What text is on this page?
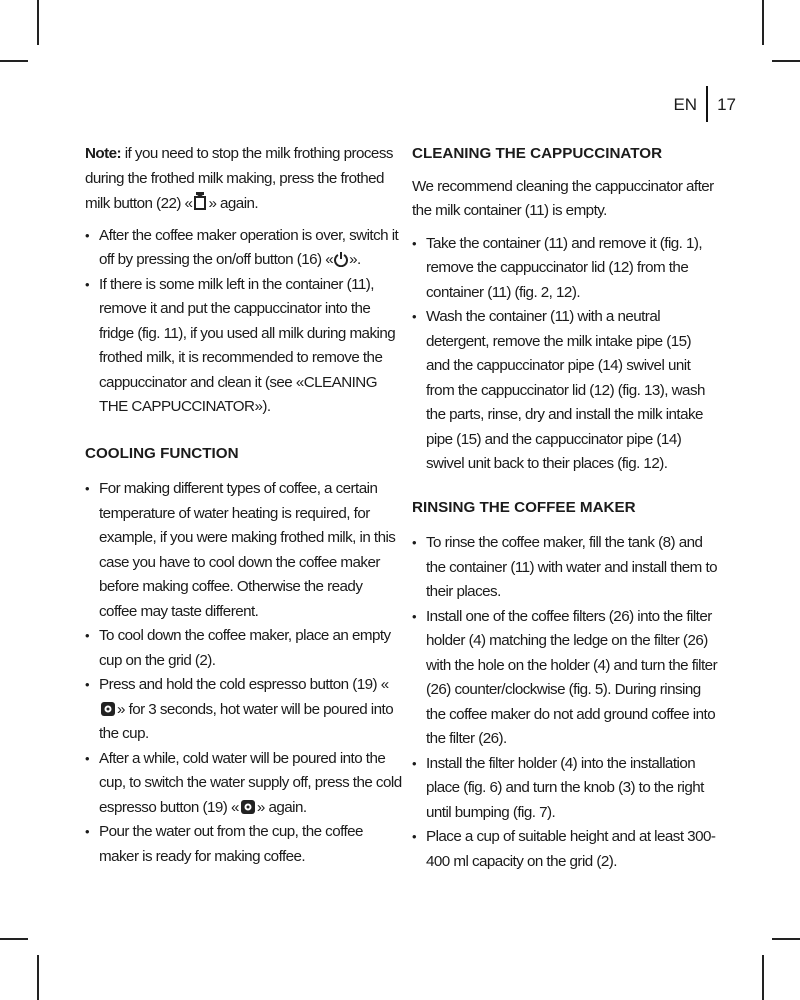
EN	17

Note: if you need to stop the milk frothing process during the frothed milk making, press the frothed milk button (22) « » again.

• After the coffee maker operation is over, switch it off by pressing the on/off button (16) « ».
• If there is some milk left in the container (11), remove it and put the cappuccinator into the fridge (fig. 11), if you used all milk during making frothed milk, it is recommended to remove the cappuccinator and clean it (see «CLEANING THE CAPPUCCINATOR»).
COOLING FUNCTION
• For making different types of coffee, a certain temperature of water heating is required, for example, if you were making frothed milk, in this case you have to cool down the coffee maker before making coffee. Otherwise the ready coffee may taste different.
• To cool down the coffee maker, place an empty cup on the grid (2).
• Press and hold the cold espresso button (19) «» for 3 seconds, hot water will be poured into the cup.
• After a while, cold water will be poured into the cup, to switch the water supply off, press the cold espresso button (19) « » again.
• Pour the water out from the cup, the coffee maker is ready for making coffee.
CLEANING THE CAPPUCCINATOR

We recommend cleaning the cappuccinator after the milk container (11) is empty.

• Take the container (11) and remove it (fig. 1), remove the cappuccinator lid (12) from the container (11) (fig. 2, 12).
• Wash the container (11) with a neutral detergent, remove the milk intake pipe (15) and the cappuccinator pipe (14) swivel unit from the cappuccinator lid (12) (fig. 13), wash the parts, rinse, dry and install the milk intake pipe (15) and the cappuccinator pipe (14) swivel unit back to their places (fig. 12).
RINSING THE COFFEE MAKER
• To rinse the coffee maker, fill the tank (8) and the container (11) with water and install them to their places.
• Install one of the coffee filters (26) into the filter holder (4) matching the ledge on the filter (26) with the hole on the holder (4) and turn the filter (26) counter/clockwise (fig. 5). During rinsing the coffee maker do not add ground coffee into the filter (26).
• Install the filter holder (4) into the installation place (fig. 6) and turn the knob (3) to the right until bumping (fig. 7).
• Place a cup of suitable height and at least 300-400 ml capacity on the grid (2).
